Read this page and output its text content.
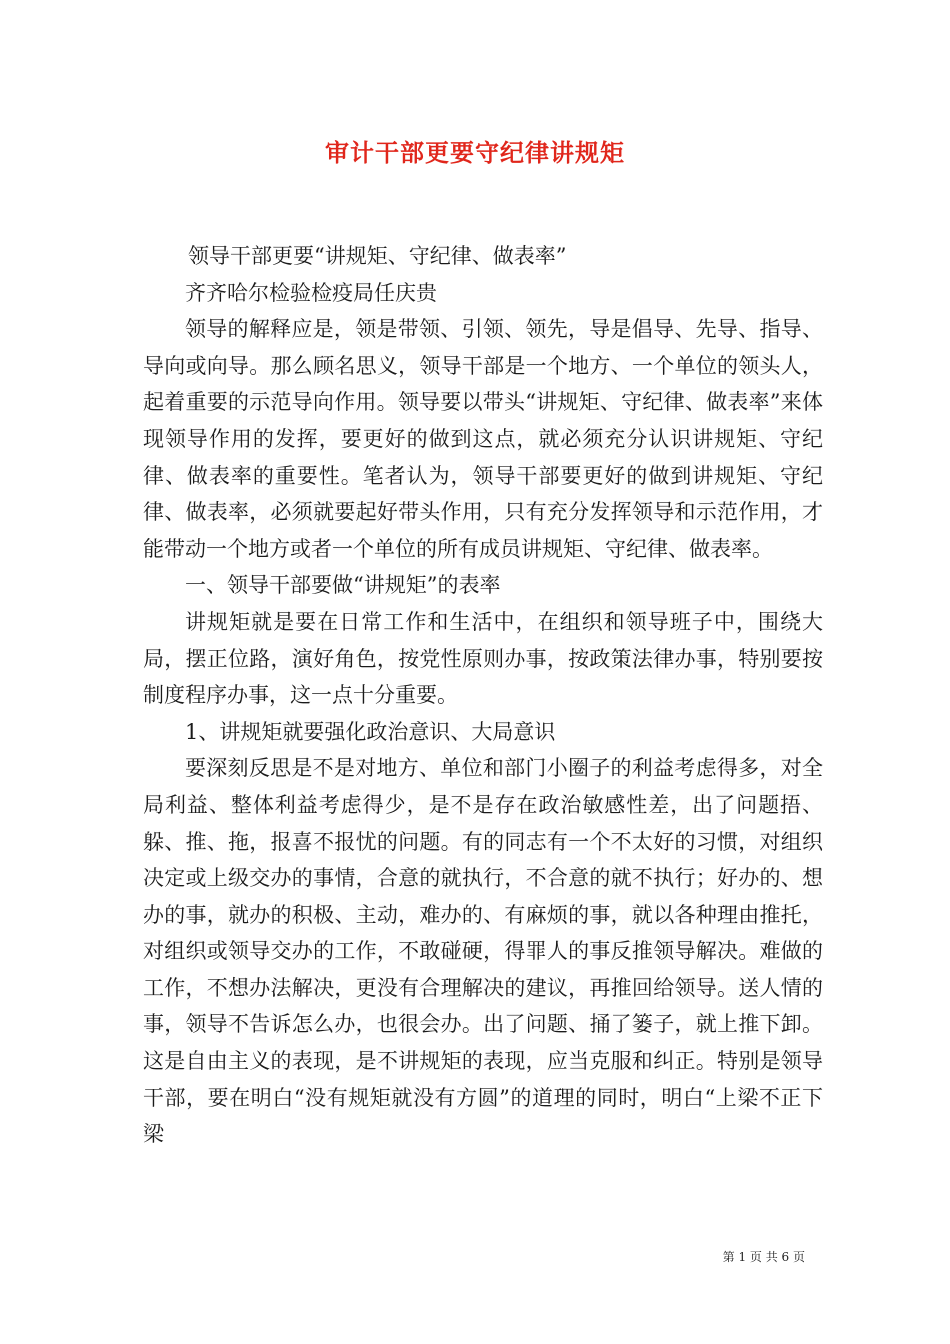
审计干部更要守纪律讲规矩

领导干部更要“讲规矩、守纪律、做表率”

齐齐哈尔检验检疫局任庆贵

领导的解释应是，领是带领、引领、领先，导是倡导、先导、指导、导向或向导。那么顾名思义，领导干部是一个地方、一个单位的领头人，起着重要的示范导向作用。领导要以带头“讲规矩、守纪律、做表率”来体现领导作用的发挥，要更好的做到这点，就必须充分认识讲规矩、守纪律、做表率的重要性。笔者认为，领导干部要更好的做到讲规矩、守纪律、做表率，必须就要起好带头作用，只有充分发挥领导和示范作用，才能带动一个地方或者一个单位的所有成员讲规矩、守纪律、做表率。

一、领导干部要做“讲规矩”的表率

讲规矩就是要在日常工作和生活中，在组织和领导班子中，围绕大局，摆正位路，演好角色，按党性原则办事，按政策法律办事，特别要按制度程序办事，这一点十分重要。

1、讲规矩就要强化政治意识、大局意识

要深刻反思是不是对地方、单位和部门小圈子的利益考虑得多，对全局利益、整体利益考虑得少，是不是存在政治敏感性差，出了问题捂、躲、推、拖，报喜不报忧的问题。有的同志有一个不太好的习惯，对组织决定或上级交办的事情，合意的就执行，不合意的就不执行；好办的、想办的事，就办的积极、主动，难办的、有麻烦的事，就以各种理由推托，对组织或领导交办的工作，不敢碰硬，得罪人的事反推领导解决。难做的工作，不想办法解决，更没有合理解决的建议，再推回给领导。送人情的事，领导不告诉怎么办，也很会办。出了问题、捅了篓子，就上推下卸。这是自由主义的表现，是不讲规矩的表现，应当克服和纠正。特别是领导干部，要在明白“没有规矩就没有方圆”的道理的同时，明白“上梁不正下梁

第 1 页 共 6 页
